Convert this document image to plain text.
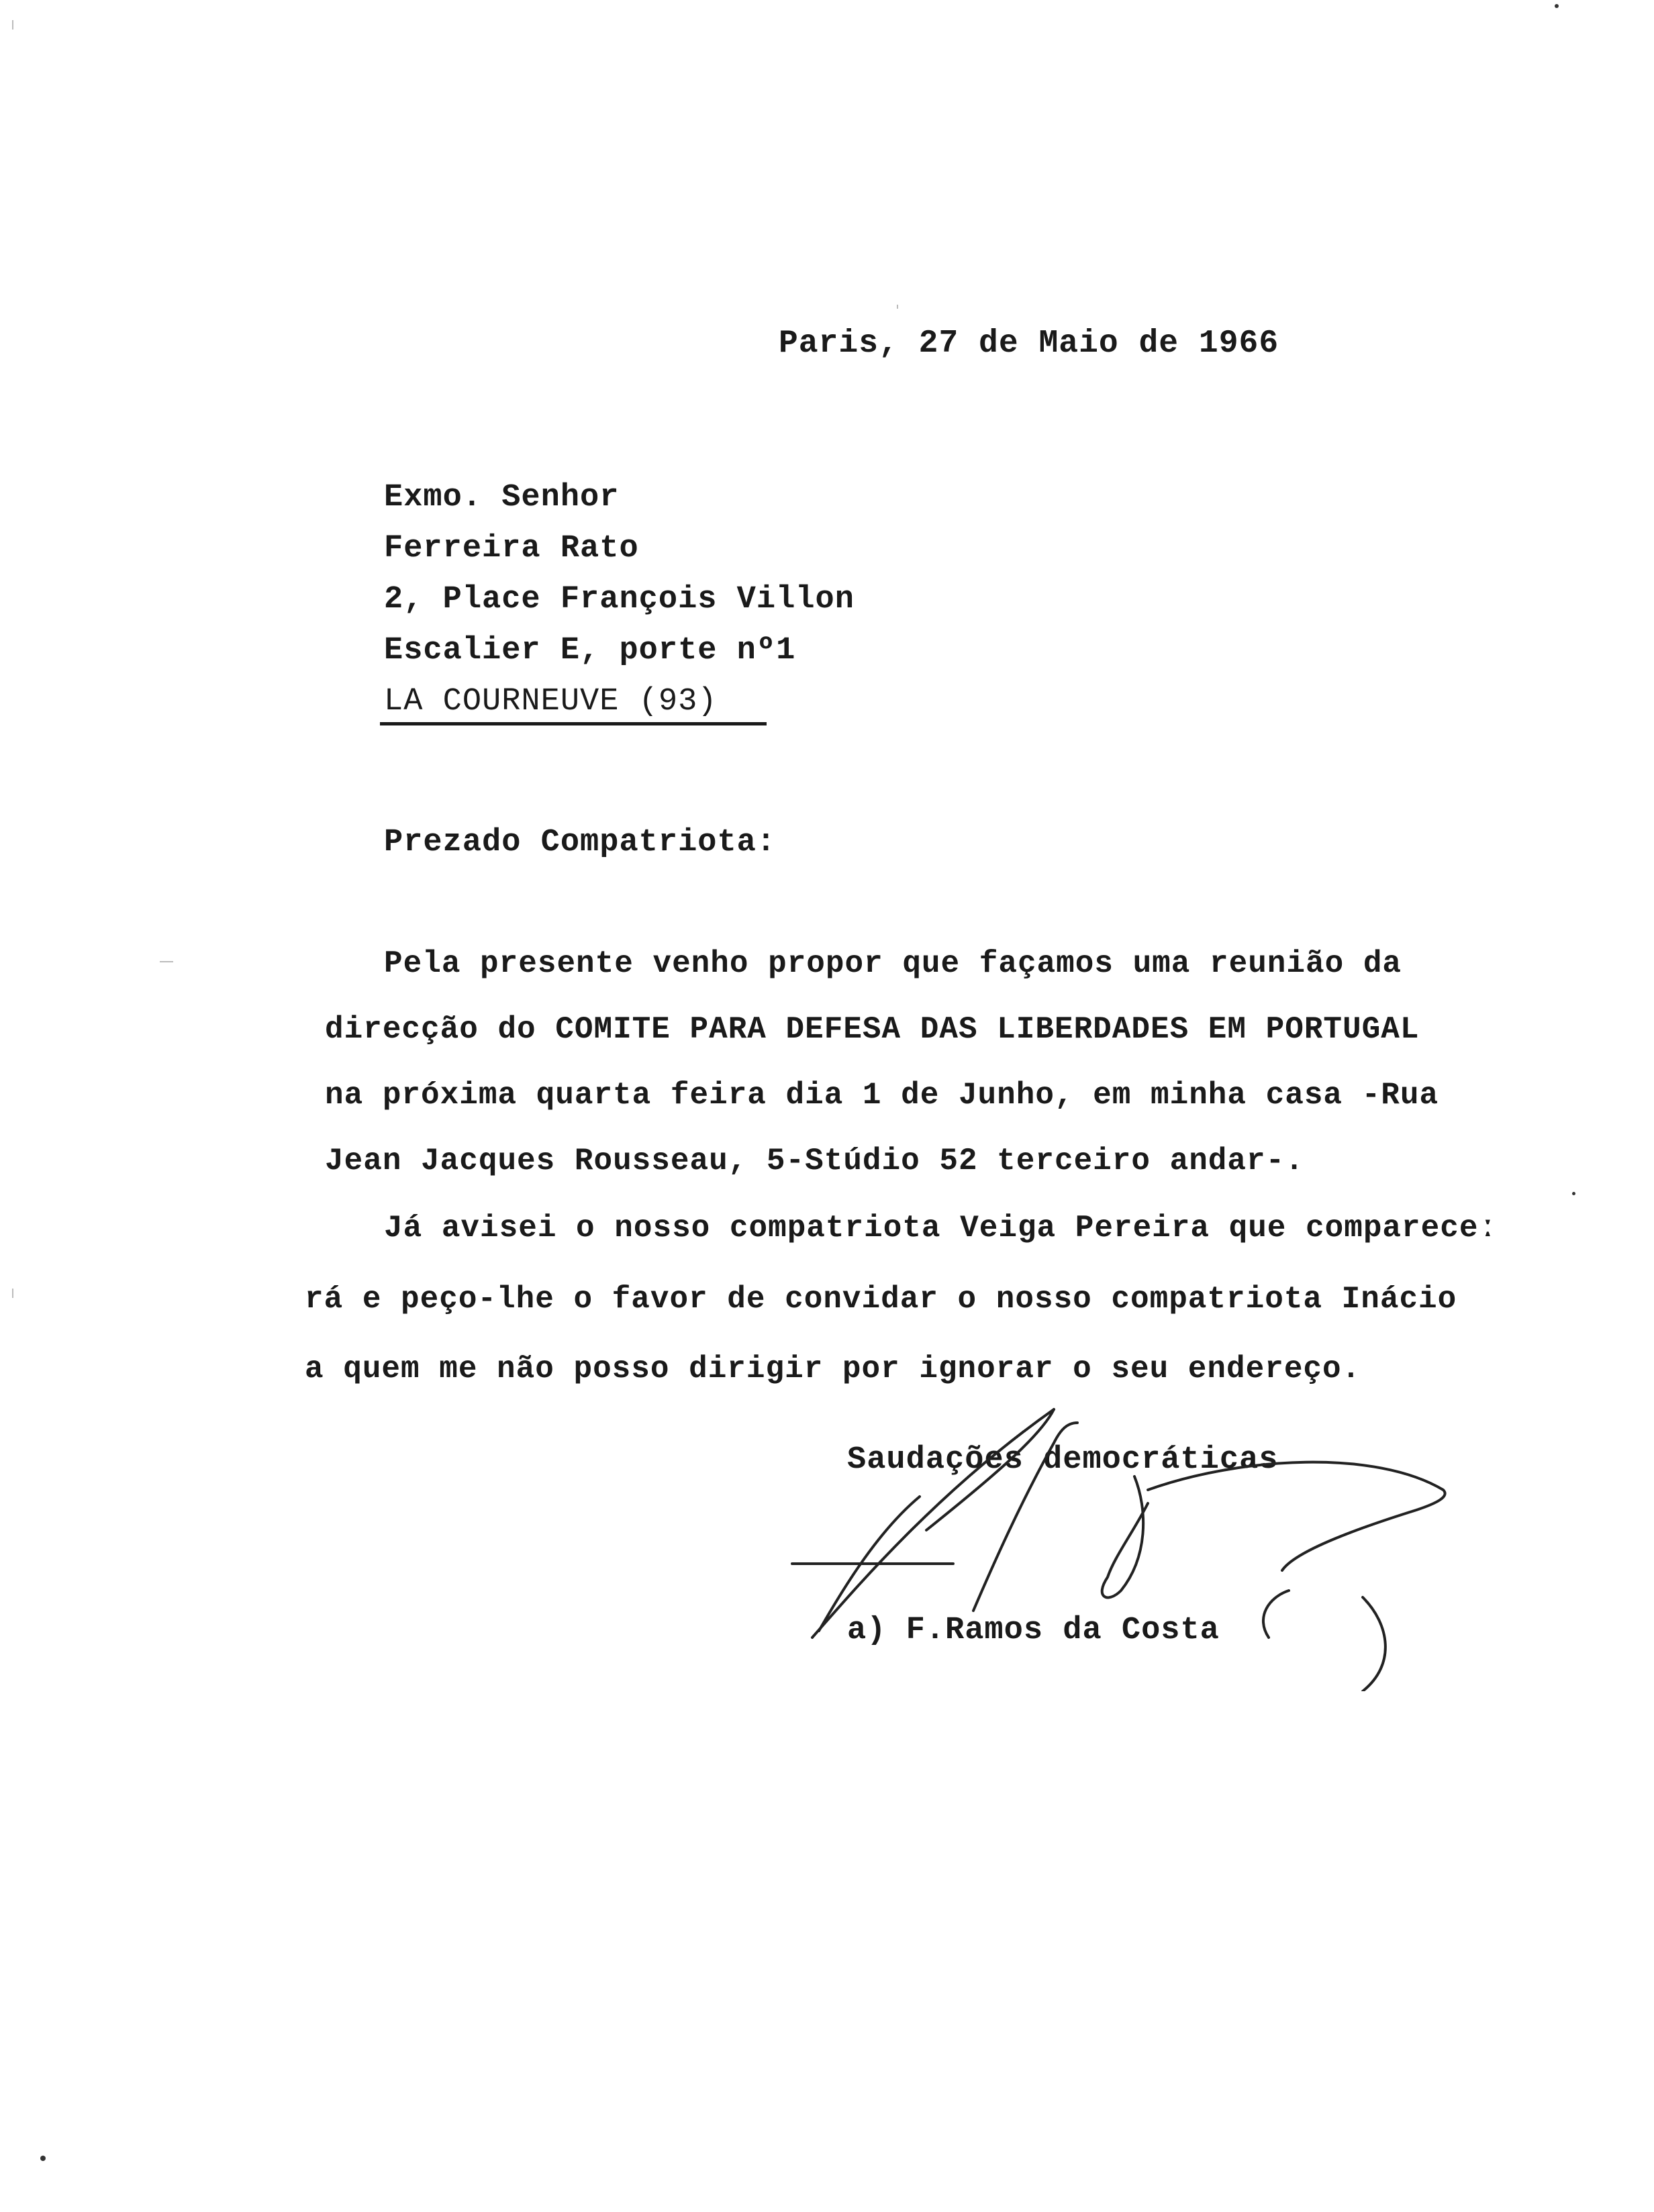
Paris, 27 de Maio de 1966
Exmo. Senhor
Ferreira Rato
2, Place François Villon
Escalier E, porte nº1
LA COURNEUVE (93)
Prezado Compatriota:
Pela presente venho propor que façamos uma reunião da
direcção do COMITE PARA DEFESA DAS LIBERDADES EM PORTUGAL
na próxima quarta feira dia 1 de Junho, em minha casa -Rua
Jean Jacques Rousseau, 5-Stúdio 52 terceiro andar-.
Já avisei o nosso compatriota Veiga Pereira que compareceː
rá e peço-lhe o favor de convidar o nosso compatriota Inácio
a quem me não posso dirigir por ignorar o seu endereço.
Saudações democráticas
a) F.Ramos da Costa
